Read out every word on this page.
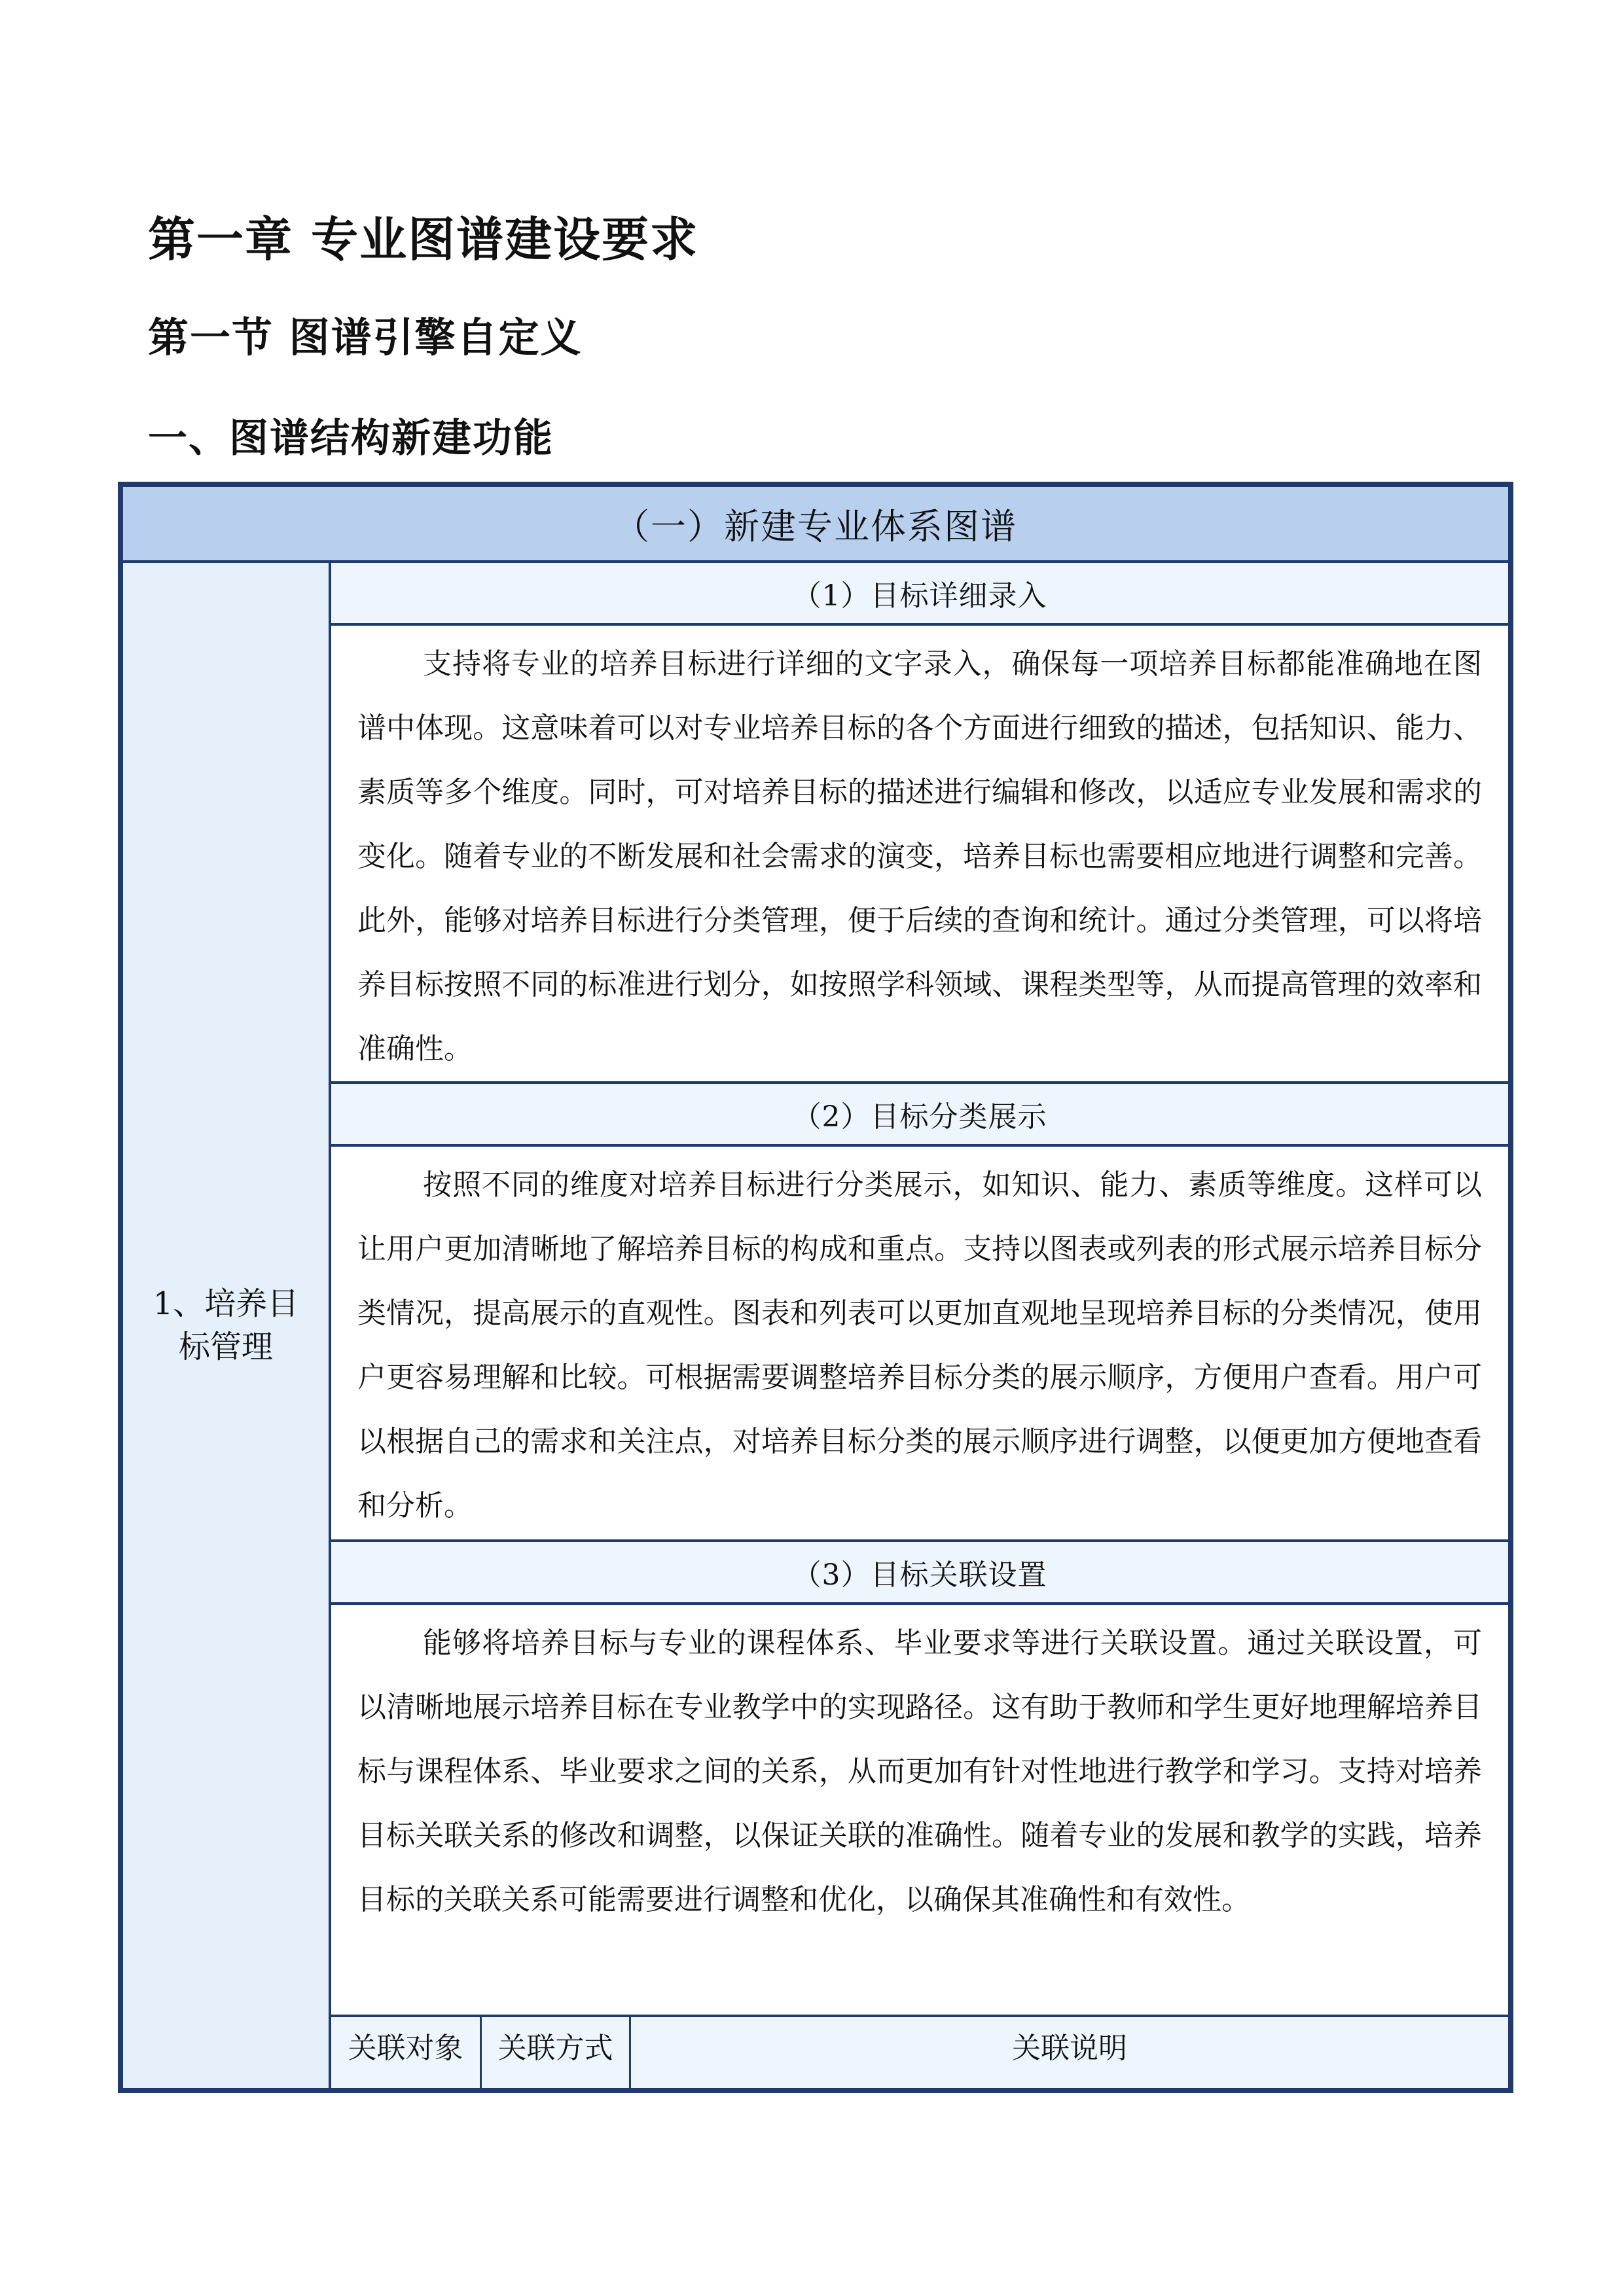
第一章 专业图谱建设要求
第一节 图谱引擎自定义
一、图谱结构新建功能
（一）新建专业体系图谱
1、培养目标管理
（1）目标详细录入

支持将专业的培养目标进行详细的文字录入，确保每一项培养目标都能准确地在图谱中体现。这意味着可以对专业培养目标的各个方面进行细致的描述，包括知识、能力、素质等多个维度。同时，可对培养目标的描述进行编辑和修改，以适应专业发展和需求的变化。随着专业的不断发展和社会需求的演变，培养目标也需要相应地进行调整和完善。此外，能够对培养目标进行分类管理，便于后续的查询和统计。通过分类管理，可以将培养目标按照不同的标准进行划分，如按照学科领域、课程类型等，从而提高管理的效率和准确性。

（2）目标分类展示

按照不同的维度对培养目标进行分类展示，如知识、能力、素质等维度。这样可以让用户更加清晰地了解培养目标的构成和重点。支持以图表或列表的形式展示培养目标分类情况，提高展示的直观性。图表和列表可以更加直观地呈现培养目标的分类情况，使用户更容易理解和比较。可根据需要调整培养目标分类的展示顺序，方便用户查看。用户可以根据自己的需求和关注点，对培养目标分类的展示顺序进行调整，以便更加方便地查看和分析。

（3）目标关联设置

能够将培养目标与专业的课程体系、毕业要求等进行关联设置。通过关联设置，可以清晰地展示培养目标在专业教学中的实现路径。这有助于教师和学生更好地理解培养目标与课程体系、毕业要求之间的关系，从而更加有针对性地进行教学和学习。支持对培养目标关联关系的修改和调整，以保证关联的准确性。随着专业的发展和教学的实践，培养目标的关联关系可能需要进行调整和优化，以确保其准确性和有效性。

关联对象	关联方式	关联说明
